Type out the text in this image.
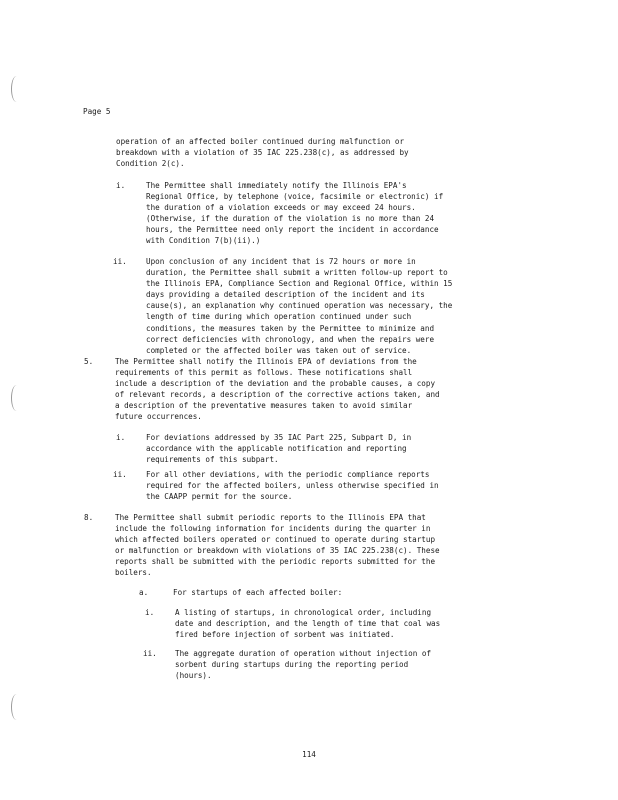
Page 5

operation of an affected boiler continued during malfunction or
breakdown with a violation of 35 IAC 225.238(c), as addressed by
Condition 2(c).

i.	The Permittee shall immediately notify the Illinois EPA's
Regional Office, by telephone (voice, facsimile or electronic) if
the duration of a violation exceeds or may exceed 24 hours.
(Otherwise, if the duration of the violation is no more than 24
hours, the Permittee need only report the incident in accordance
with Condition 7(b)(ii).)

ii.	Upon conclusion of any incident that is 72 hours or more in
duration, the Permittee shall submit a written follow-up report to
the Illinois EPA, Compliance Section and Regional Office, within 15
days providing a detailed description of the incident and its
cause(s), an explanation why continued operation was necessary, the
length of time during which operation continued under such
conditions, the measures taken by the Permittee to minimize and
correct deficiencies with chronology, and when the repairs were
completed or the affected boiler was taken out of service.

5.	The Permittee shall notify the Illinois EPA of deviations from the
requirements of this permit as follows. These notifications shall
include a description of the deviation and the probable causes, a copy
of relevant records, a description of the corrective actions taken, and
a description of the preventative measures taken to avoid similar
future occurrences.

i.	For deviations addressed by 35 IAC Part 225, Subpart D, in
accordance with the applicable notification and reporting
requirements of this subpart.

ii.	For all other deviations, with the periodic compliance reports
required for the affected boilers, unless otherwise specified in
the CAAPP permit for the source.

8.	The Permittee shall submit periodic reports to the Illinois EPA that
include the following information for incidents during the quarter in
which affected boilers operated or continued to operate during startup
or malfunction or breakdown with violations of 35 IAC 225.238(c). These
reports shall be submitted with the periodic reports submitted for the
boilers.

a.	For startups of each affected boiler:

i.	A listing of startups, in chronological order, including
date and description, and the length of time that coal was
fired before injection of sorbent was initiated.

ii. The aggregate duration of operation without injection of
sorbent during startups during the reporting period
(hours).

114
